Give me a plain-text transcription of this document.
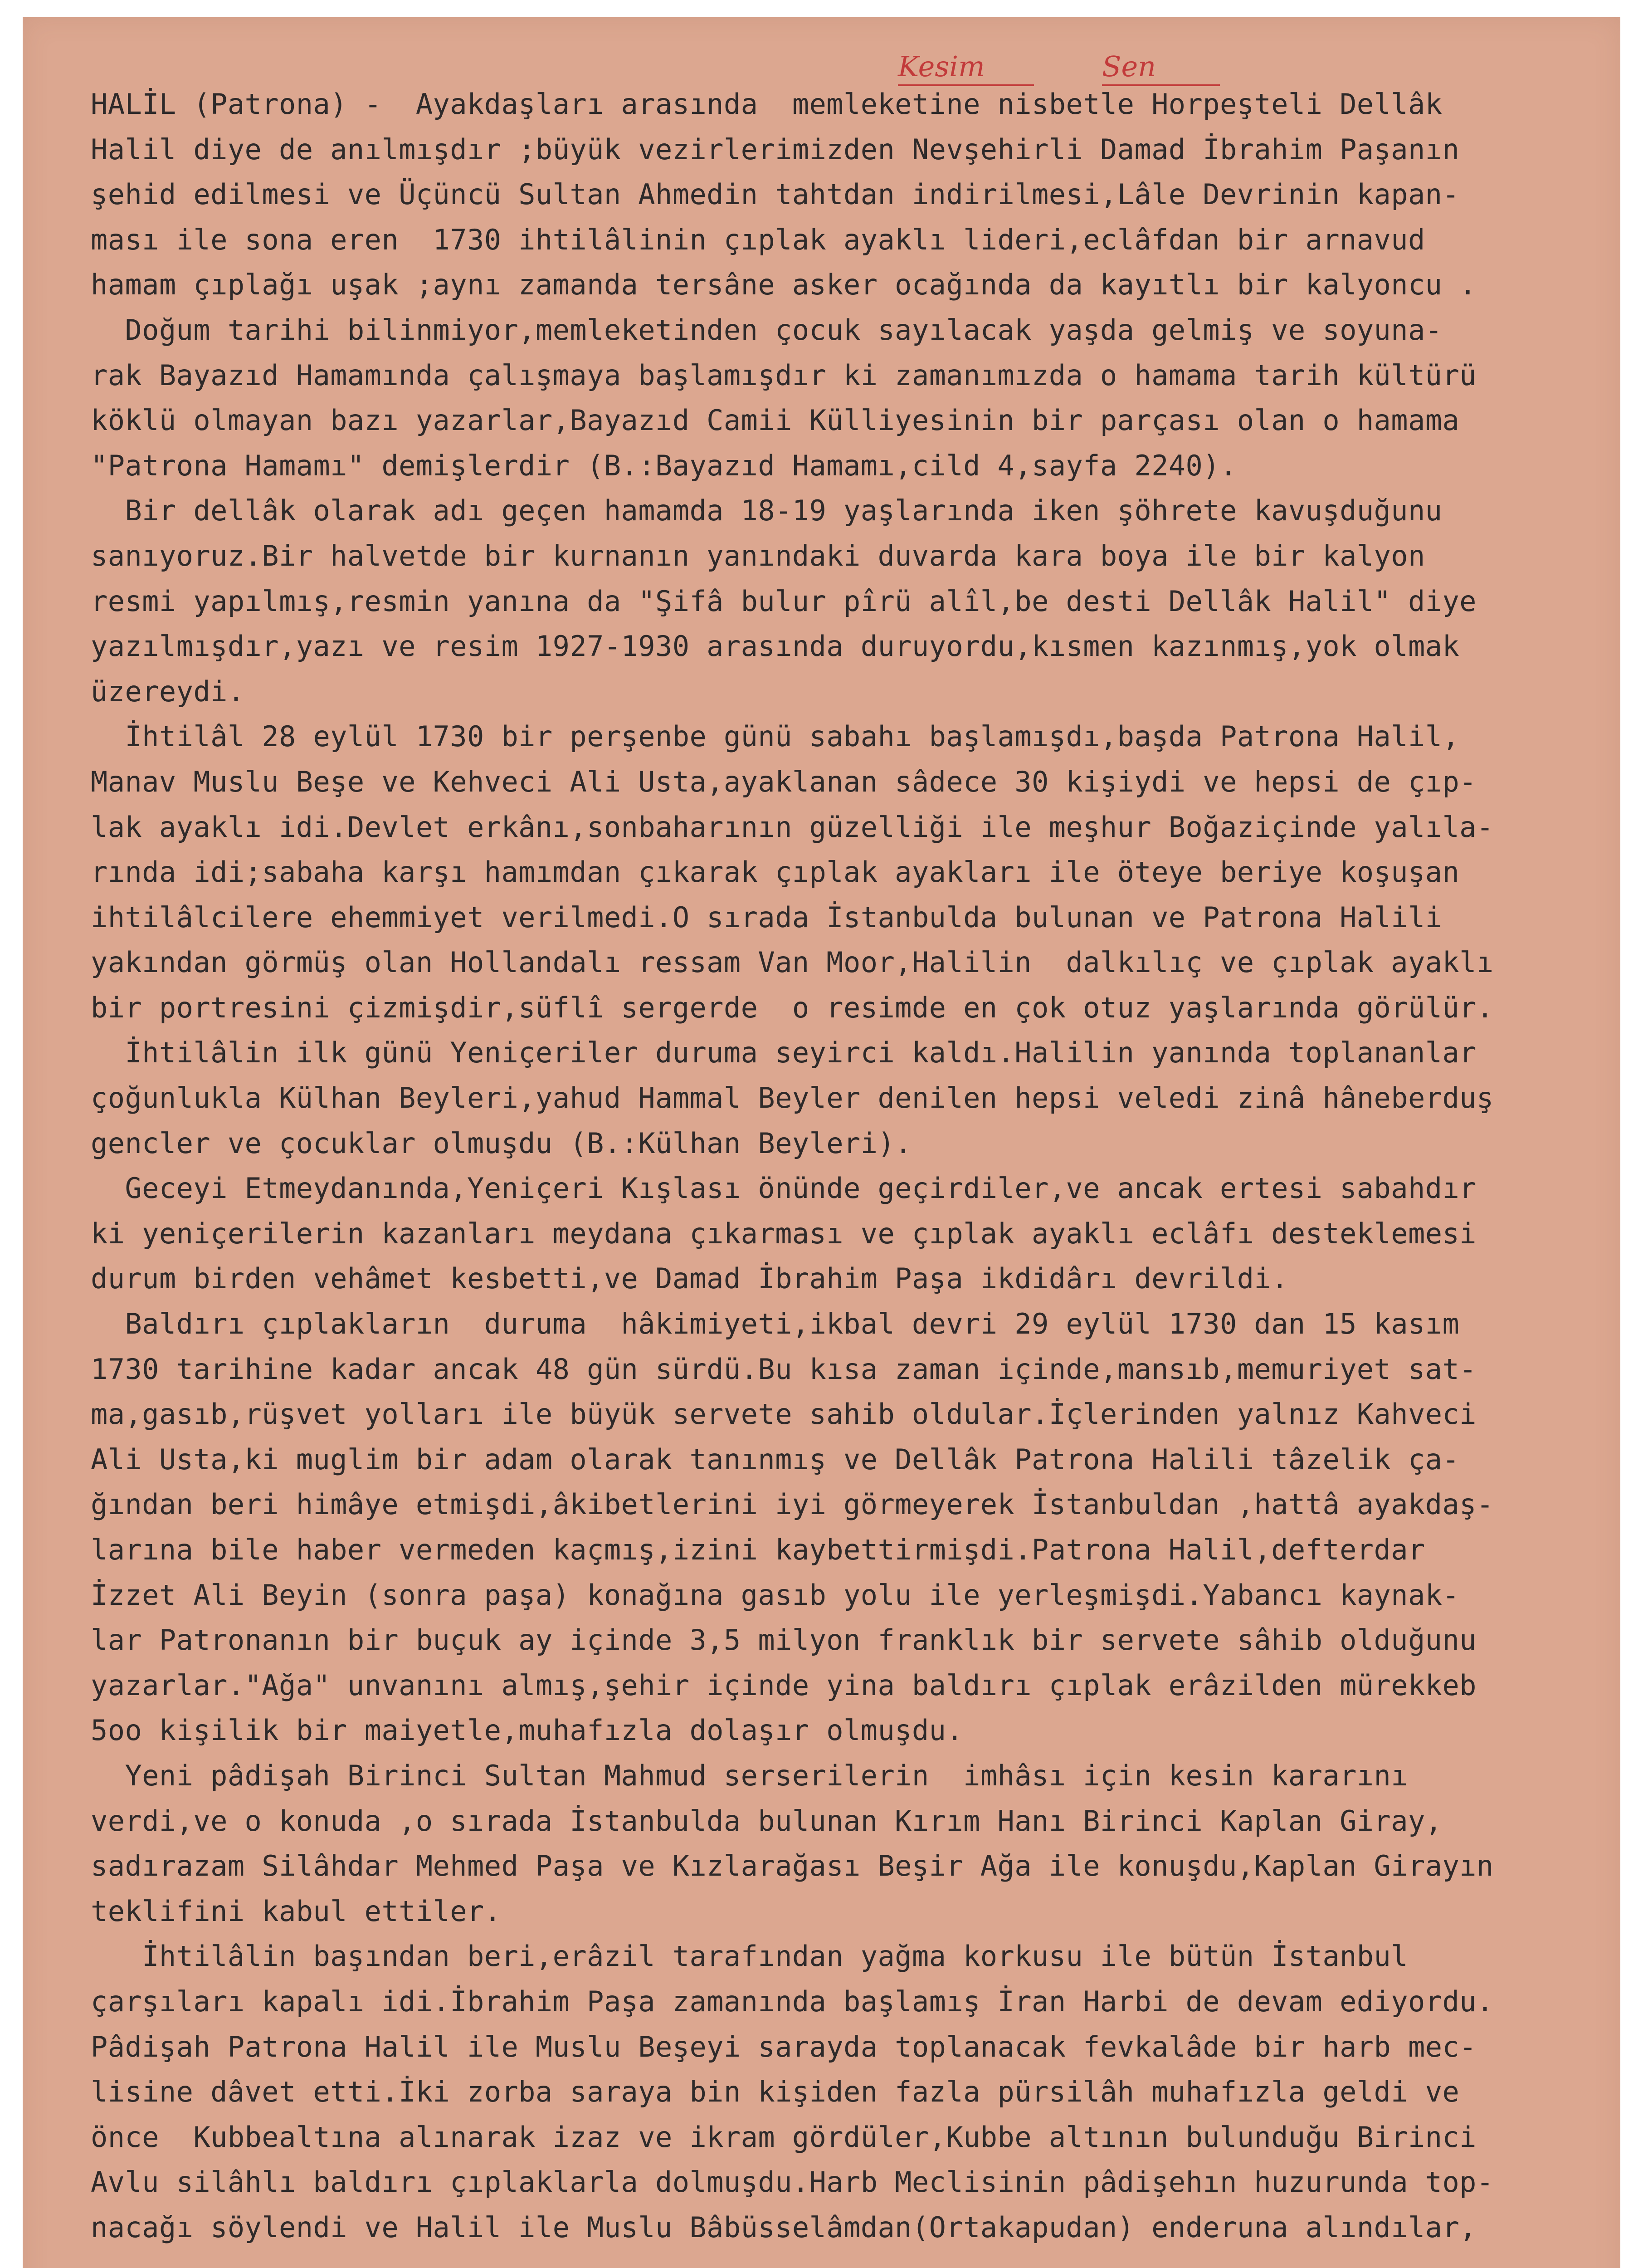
Kesim	Sen
HALİL (Patrona) -  Ayakdaşları arasında  memleketine nisbetle Horpeşteli Dellâk
Halil diye de anılmışdır ;büyük vezirlerimizden Nevşehirli Damad İbrahim Paşanın
şehid edilmesi ve Üçüncü Sultan Ahmedin tahtdan indirilmesi,Lâle Devrinin kapan-
ması ile sona eren  1730 ihtilâlinin çıplak ayaklı lideri,eclâfdan bir arnavud
hamam çıplağı uşak ;aynı zamanda tersâne asker ocağında da kayıtlı bir kalyoncu .
Doğum tarihi bilinmiyor,memleketinden çocuk sayılacak yaşda gelmiş ve soyuna-
rak Bayazıd Hamamında çalışmaya başlamışdır ki zamanımızda o hamama tarih kültürü
köklü olmayan bazı yazarlar,Bayazıd Camii Külliyesinin bir parçası olan o hamama
"Patrona Hamamı" demişlerdir (B.:Bayazıd Hamamı,cild 4,sayfa 2240).
Bir dellâk olarak adı geçen hamamda 18-19 yaşlarında iken şöhrete kavuşduğunu
sanıyoruz.Bir halvetde bir kurnanın yanındaki duvarda kara boya ile bir kalyon
resmi yapılmış,resmin yanına da "Şifâ bulur pîrü alîl,be desti Dellâk Halil" diye
yazılmışdır,yazı ve resim 1927-1930 arasında duruyordu,kısmen kazınmış,yok olmak
üzereydi.
İhtilâl 28 eylül 1730 bir perşenbe günü sabahı başlamışdı,başda Patrona Halil,
Manav Muslu Beşe ve Kehveci Ali Usta,ayaklanan sâdece 30 kişiydi ve hepsi de çıp-
lak ayaklı idi.Devlet erkânı,sonbaharının güzelliği ile meşhur Boğaziçinde yalıla-
rında idi;sabaha karşı hamımdan çıkarak çıplak ayakları ile öteye beriye koşuşan
ihtilâlcilere ehemmiyet verilmedi.O sırada İstanbulda bulunan ve Patrona Halili
yakından görmüş olan Hollandalı ressam Van Moor,Halilin  dalkılıç ve çıplak ayaklı
bir portresini çizmişdir,süflî sergerde  o resimde en çok otuz yaşlarında görülür.
İhtilâlin ilk günü Yeniçeriler duruma seyirci kaldı.Halilin yanında toplananlar
çoğunlukla Külhan Beyleri,yahud Hammal Beyler denilen hepsi veledi zinâ hâneberduş
gencler ve çocuklar olmuşdu (B.:Külhan Beyleri).
Geceyi Etmeydanında,Yeniçeri Kışlası önünde geçirdiler,ve ancak ertesi sabahdır
ki yeniçerilerin kazanları meydana çıkarması ve çıplak ayaklı eclâfı desteklemesi
durum birden vehâmet kesbetti,ve Damad İbrahim Paşa ikdidârı devrildi.
Baldırı çıplakların  duruma  hâkimiyeti,ikbal devri 29 eylül 1730 dan 15 kasım
1730 tarihine kadar ancak 48 gün sürdü.Bu kısa zaman içinde,mansıb,memuriyet sat-
ma,gasıb,rüşvet yolları ile büyük servete sahib oldular.İçlerinden yalnız Kahveci
Ali Usta,ki muglim bir adam olarak tanınmış ve Dellâk Patrona Halili tâzelik ça-
ğından beri himâye etmişdi,âkibetlerini iyi görmeyerek İstanbuldan ,hattâ ayakdaş-
larına bile haber vermeden kaçmış,izini kaybettirmişdi.Patrona Halil,defterdar
İzzet Ali Beyin (sonra paşa) konağına gasıb yolu ile yerleşmişdi.Yabancı kaynak-
lar Patronanın bir buçuk ay içinde 3,5 milyon franklık bir servete sâhib olduğunu
yazarlar."Ağa" unvanını almış,şehir içinde yina baldırı çıplak erâzilden mürekkeb
5oo kişilik bir maiyetle,muhafızla dolaşır olmuşdu.
Yeni pâdişah Birinci Sultan Mahmud serserilerin  imhâsı için kesin kararını
verdi,ve o konuda ,o sırada İstanbulda bulunan Kırım Hanı Birinci Kaplan Giray,
sadırazam Silâhdar Mehmed Paşa ve Kızlarağası Beşir Ağa ile konuşdu,Kaplan Girayın
teklifini kabul ettiler.
İhtilâlin başından beri,erâzil tarafından yağma korkusu ile bütün İstanbul
çarşıları kapalı idi.İbrahim Paşa zamanında başlamış İran Harbi de devam ediyordu.
Pâdişah Patrona Halil ile Muslu Beşeyi sarayda toplanacak fevkalâde bir harb mec-
lisine dâvet etti.İki zorba saraya bin kişiden fazla pürsilâh muhafızla geldi ve
önce  Kubbealtına alınarak izaz ve ikram gördüler,Kubbe altının bulunduğu Birinci
Avlu silâhlı baldırı çıplaklarla dolmuşdu.Harb Meclisinin pâdişehın huzurunda top-
nacağı söylendi ve Halil ile Muslu Bâbüsselâmdan(Ortakapudan) enderuna alındılar,
